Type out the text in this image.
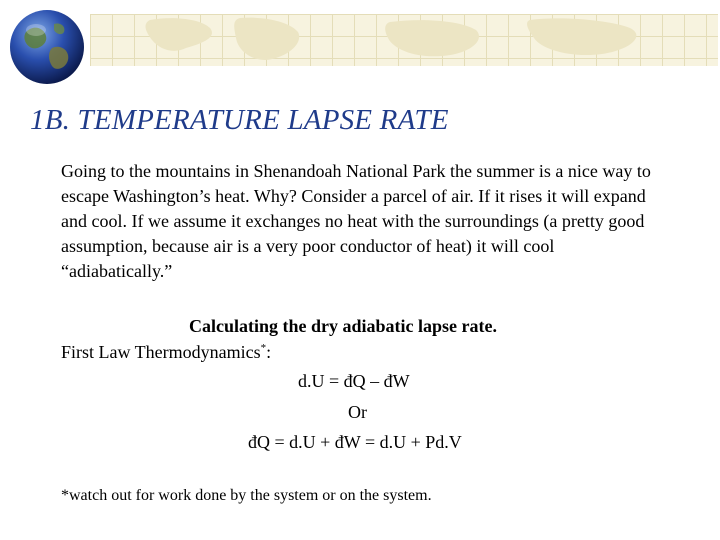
1B. TEMPERATURE LAPSE RATE
Going to the mountains in Shenandoah National Park the summer is a nice way to escape Washington’s heat. Why? Consider a parcel of air. If it rises it will expand and cool. If we assume it exchanges no heat with the surroundings (a pretty good assumption, because air is a very poor conductor of heat) it will cool “adiabatically.”
Calculating the dry adiabatic lapse rate.
First Law Thermodynamics*:
d.U = đQ – đW
Or
đQ = d.U + đW = d.U + Pd.V
*watch out for work done by the system or on the system.
